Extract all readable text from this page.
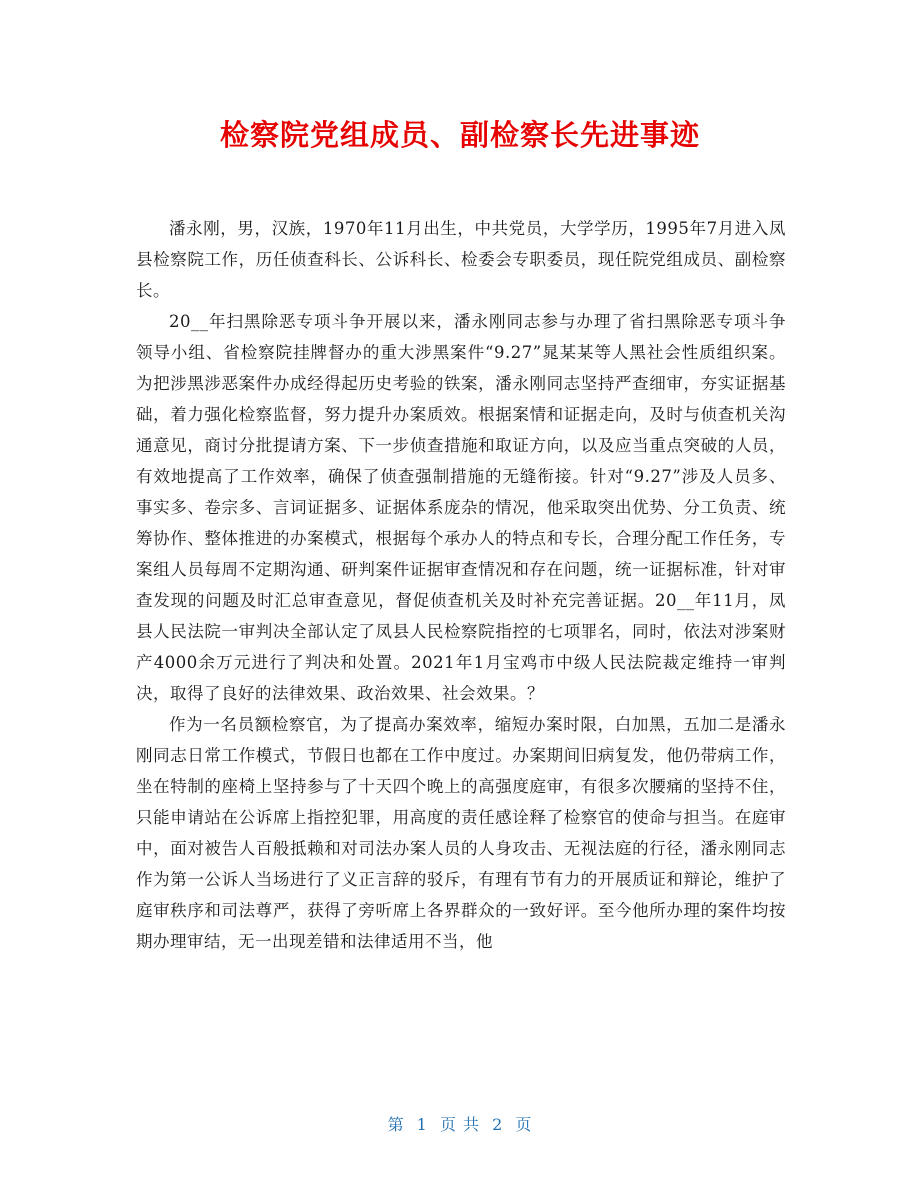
检察院党组成员、副检察长先进事迹

潘永刚，男，汉族，1970年11月出生，中共党员，大学学历，1995年7月进入凤县检察院工作，历任侦查科长、公诉科长、检委会专职委员，现任院党组成员、副检察长。

20__年扫黑除恶专项斗争开展以来，潘永刚同志参与办理了省扫黑除恶专项斗争领导小组、省检察院挂牌督办的重大涉黑案件“9.27”晁某某等人黑社会性质组织案。为把涉黑涉恶案件办成经得起历史考验的铁案，潘永刚同志坚持严查细审，夯实证据基础，着力强化检察监督，努力提升办案质效。根据案情和证据走向，及时与侦查机关沟通意见，商讨分批提请方案、下一步侦查措施和取证方向，以及应当重点突破的人员，有效地提高了工作效率，确保了侦查强制措施的无缝衔接。针对“9.27”涉及人员多、事实多、卷宗多、言词证据多、证据体系庞杂的情况，他采取突出优势、分工负责、统筹协作、整体推进的办案模式，根据每个承办人的特点和专长，合理分配工作任务，专案组人员每周不定期沟通、研判案件证据审查情况和存在问题，统一证据标准，针对审查发现的问题及时汇总审查意见，督促侦查机关及时补充完善证据。20__年11月，凤县人民法院一审判决全部认定了凤县人民检察院指控的七项罪名，同时，依法对涉案财产4000余万元进行了判决和处置。2021年1月宝鸡市中级人民法院裁定维持一审判决，取得了良好的法律效果、政治效果、社会效果。？

作为一名员额检察官，为了提高办案效率，缩短办案时限，白加黑，五加二是潘永刚同志日常工作模式，节假日也都在工作中度过。办案期间旧病复发，他仍带病工作，坐在特制的座椅上坚持参与了十天四个晚上的高强度庭审，有很多次腰痛的坚持不住，只能申请站在公诉席上指控犯罪，用高度的责任感诠释了检察官的使命与担当。在庭审中，面对被告人百般抵赖和对司法办案人员的人身攻击、无视法庭的行径，潘永刚同志作为第一公诉人当场进行了义正言辞的驳斥，有理有节有力的开展质证和辩论，维护了庭审秩序和司法尊严，获得了旁听席上各界群众的一致好评。至今他所办理的案件均按期办理审结，无一出现差错和法律适用不当，他

第 1 页 共 2 页
